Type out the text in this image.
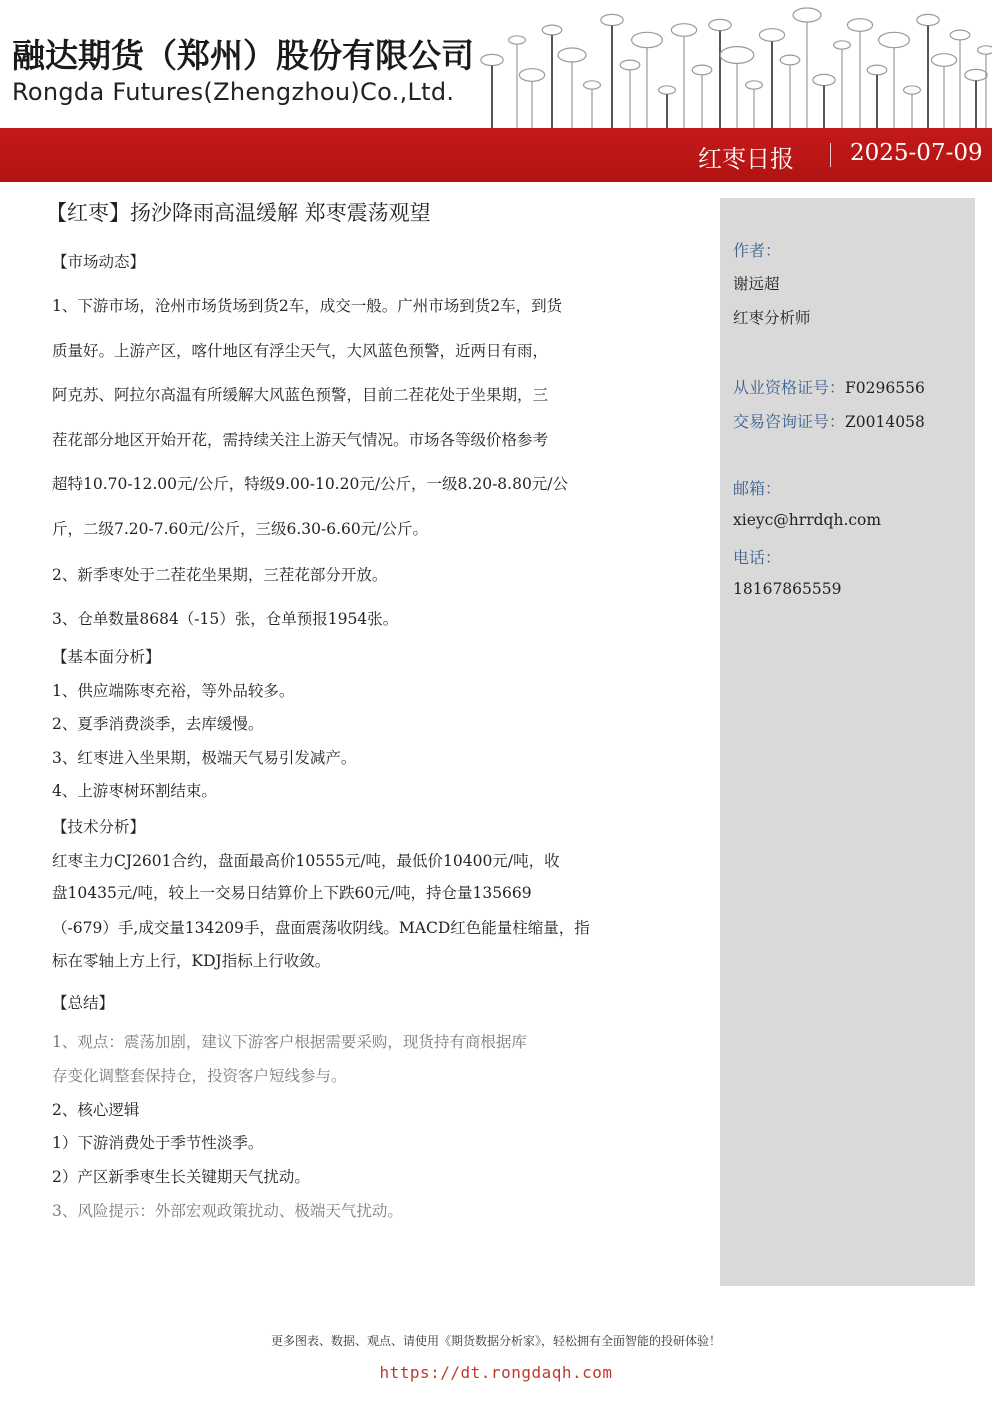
融达期货（郑州）股份有限公司
Rongda Futures(Zhengzhou)Co.,Ltd.
红枣日报 2025-07-09
【红枣】扬沙降雨高温缓解 郑枣震荡观望
【市场动态】
1、下游市场，沧州市场货场到货2车，成交一般。广州市场到货2车，到货
质量好。上游产区，喀什地区有浮尘天气，大风蓝色预警，近两日有雨，
阿克苏、阿拉尔高温有所缓解大风蓝色预警，目前二茬花处于坐果期，三
茬花部分地区开始开花，需持续关注上游天气情况。市场各等级价格参考
超特10.70-12.00元/公斤，特级9.00-10.20元/公斤，一级8.20-8.80元/公
斤，二级7.20-7.60元/公斤，三级6.30-6.60元/公斤。
2、新季枣处于二茬花坐果期，三茬花部分开放。
3、仓单数量8684（-15）张，仓单预报1954张。
【基本面分析】
1、供应端陈枣充裕，等外品较多。
2、夏季消费淡季，去库缓慢。
3、红枣进入坐果期，极端天气易引发减产。
4、上游枣树环割结束。
【技术分析】
红枣主力CJ2601合约，盘面最高价10555元/吨，最低价10400元/吨，收
盘10435元/吨，较上一交易日结算价上下跌60元/吨，持仓量135669
（-679）手,成交量134209手，盘面震荡收阴线。MACD红色能量柱缩量，指
标在零轴上方上行，KDJ指标上行收敛。
【总结】
1、观点：震荡加剧，建议下游客户根据需要采购，现货持有商根据库
存变化调整套保持仓，投资客户短线参与。
2、核心逻辑
1）下游消费处于季节性淡季。
2）产区新季枣生长关键期天气扰动。
3、风险提示：外部宏观政策扰动、极端天气扰动。
作者：
谢远超
红枣分析师
从业资格证号：F0296556
交易咨询证号：Z0014058
邮箱：
xieyc@hrrdqh.com
电话：
18167865559
更多图表、数据、观点、请使用《期货数据分析家》，轻松拥有全面智能的投研体验！
https://dt.rongdaqh.com
